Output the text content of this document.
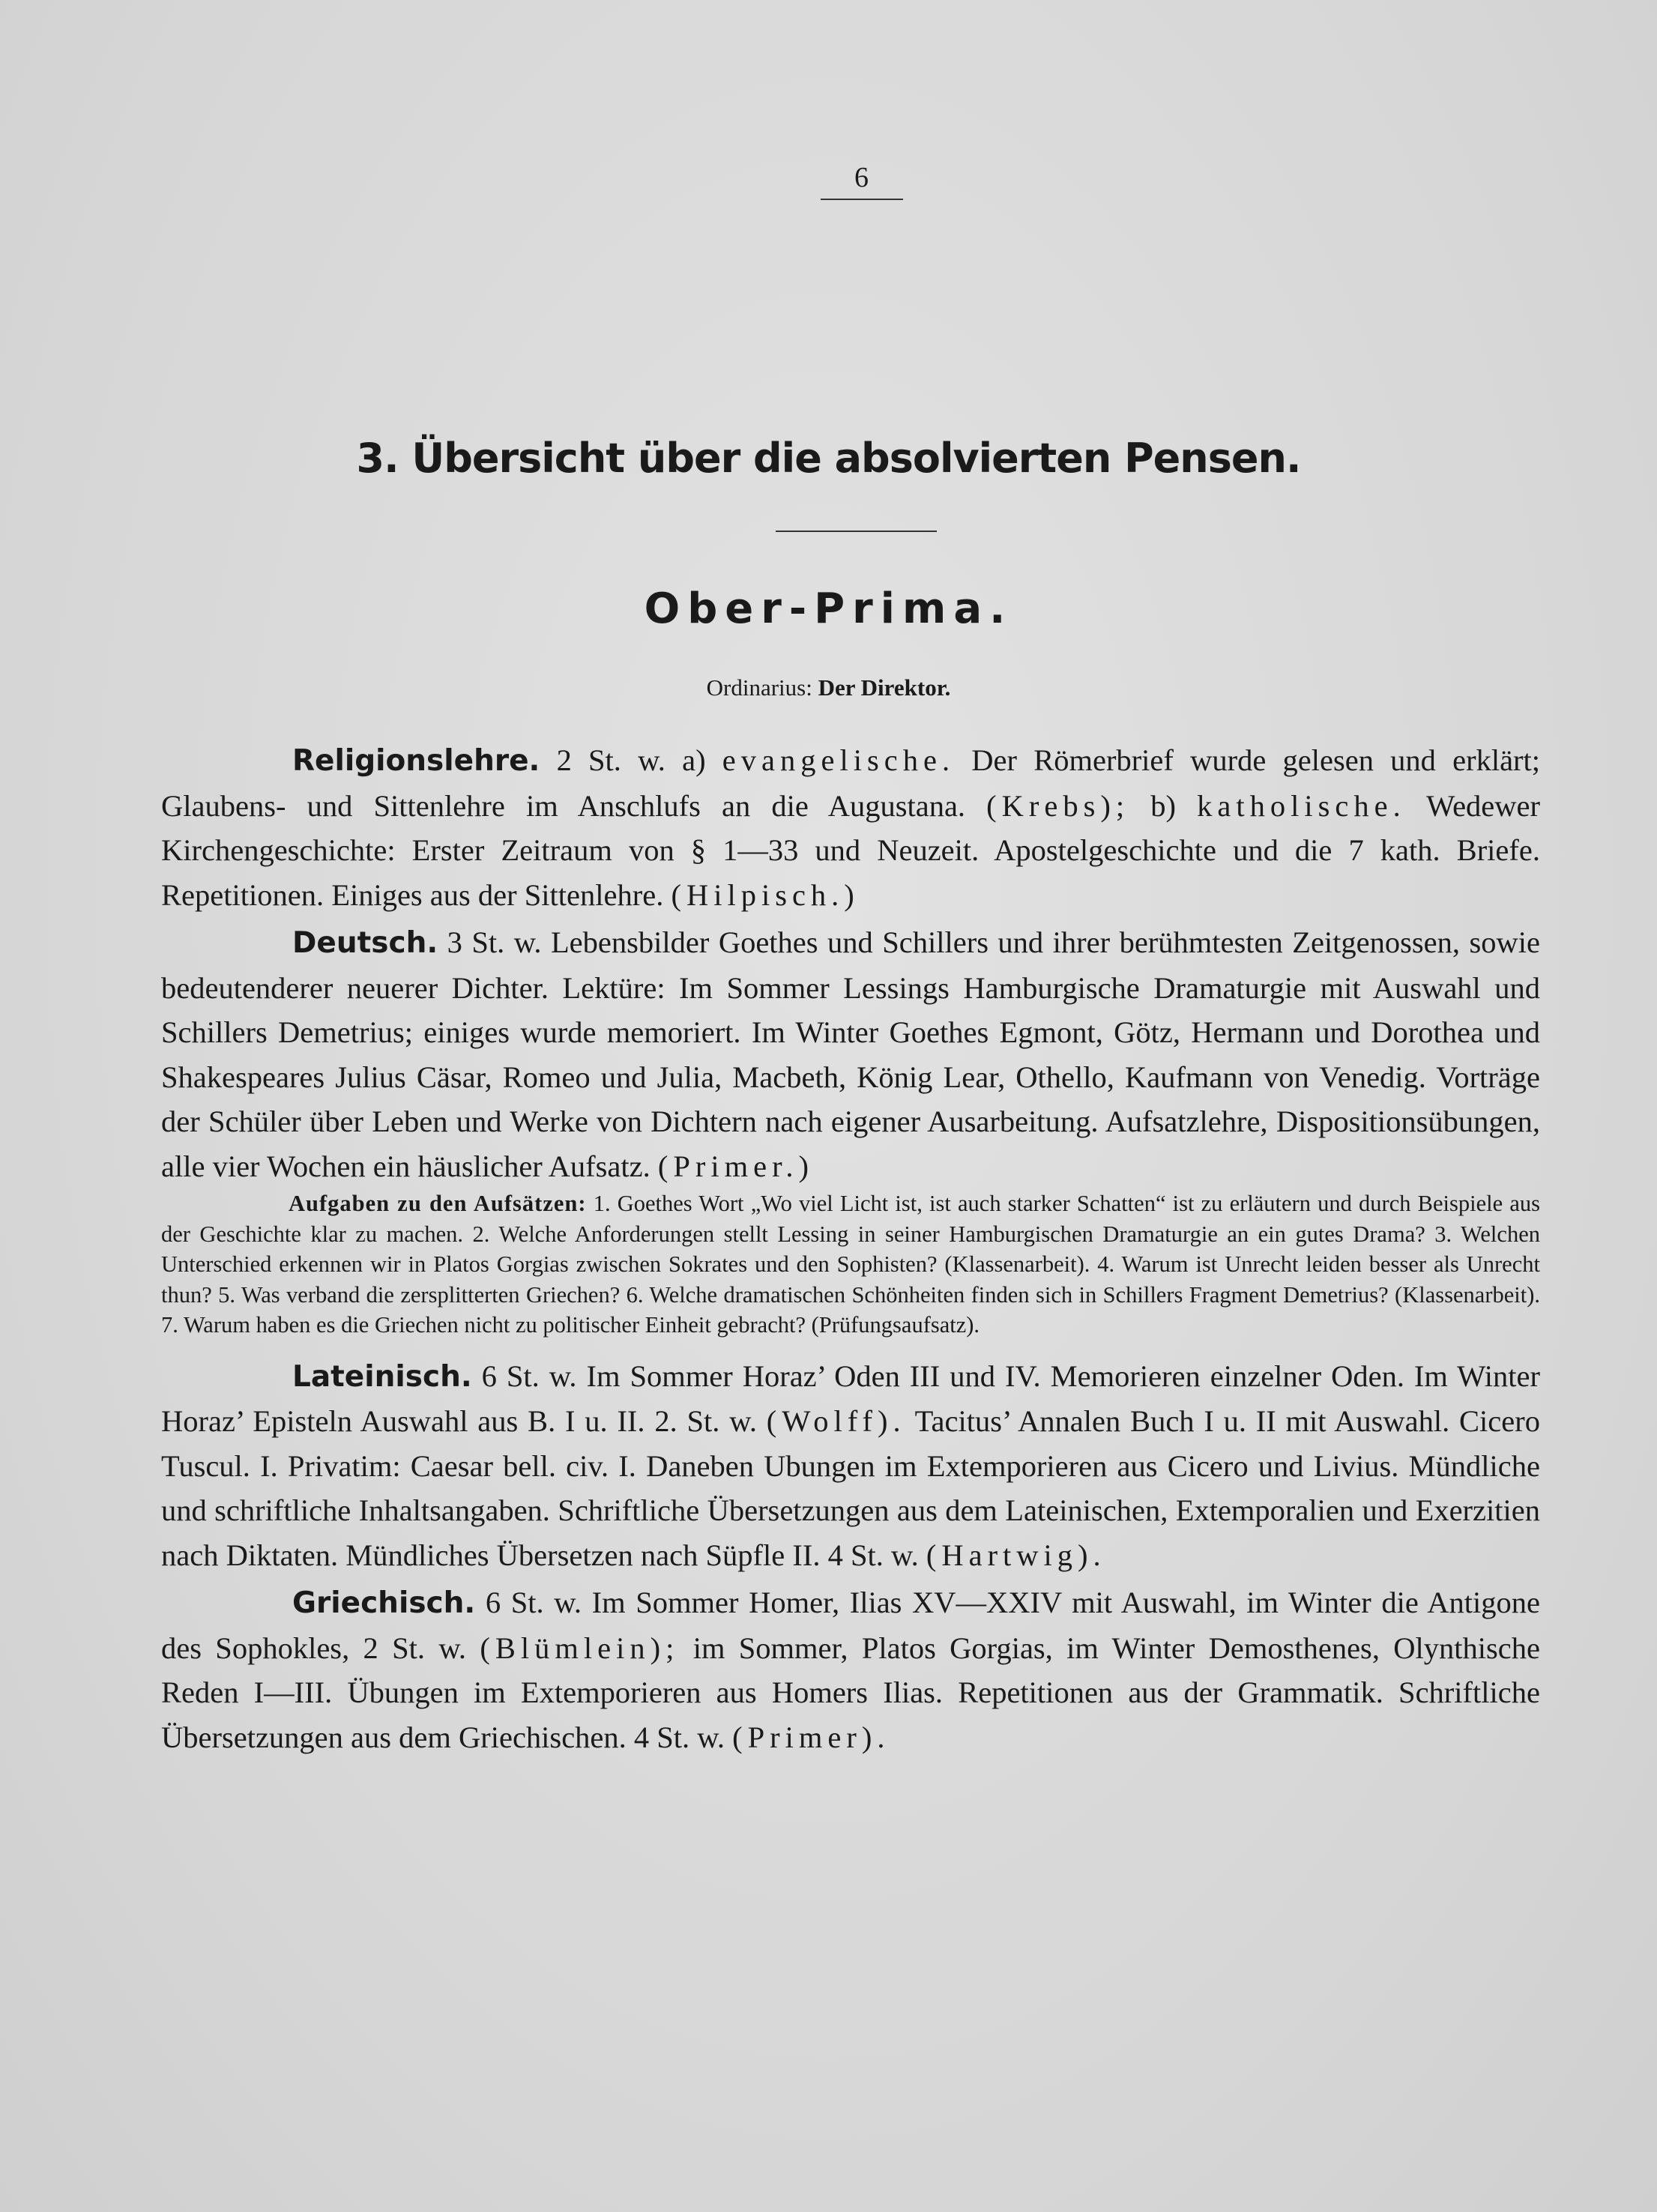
6
3. Übersicht über die absolvierten Pensen.
Ober-Prima.
Ordinarius: Der Direktor.

Religionslehre. 2 St. w. a) evangelische. Der Römerbrief wurde gelesen und erklärt; Glaubens- und Sittenlehre im Anschlufs an die Augustana. (Krebs); b) katholische. Wedewer Kirchengeschichte: Erster Zeitraum von § 1—33 und Neuzeit. Apostelgeschichte und die 7 kath. Briefe. Repetitionen. Einiges aus der Sittenlehre. (Hilpisch.)

Deutsch. 3 St. w. Lebensbilder Goethes und Schillers und ihrer berühmtesten Zeitgenossen, sowie bedeutenderer neuerer Dichter. Lektüre: Im Sommer Lessings Hamburgische Dramaturgie mit Auswahl und Schillers Demetrius; einiges wurde memoriert. Im Winter Goethes Egmont, Götz, Hermann und Dorothea und Shakespeares Julius Cäsar, Romeo und Julia, Macbeth, König Lear, Othello, Kaufmann von Venedig. Vorträge der Schüler über Leben und Werke von Dichtern nach eigener Ausarbeitung. Aufsatzlehre, Dispositionsübungen, alle vier Wochen ein häuslicher Aufsatz. (Primer.)

Aufgaben zu den Aufsätzen: 1. Goethes Wort „Wo viel Licht ist, ist auch starker Schatten“ ist zu erläutern und durch Beispiele aus der Geschichte klar zu machen. 2. Welche Anforderungen stellt Lessing in seiner Hamburgischen Dramaturgie an ein gutes Drama? 3. Welchen Unterschied erkennen wir in Platos Gorgias zwischen Sokrates und den Sophisten? (Klassenarbeit). 4. Warum ist Unrecht leiden besser als Unrecht thun? 5. Was verband die zersplitterten Griechen? 6. Welche dramatischen Schönheiten finden sich in Schillers Fragment Demetrius? (Klassenarbeit). 7. Warum haben es die Griechen nicht zu politischer Einheit gebracht? (Prüfungsaufsatz).

Lateinisch. 6 St. w. Im Sommer Horaz’ Oden III und IV. Memorieren einzelner Oden. Im Winter Horaz’ Episteln Auswahl aus B. I u. II. 2. St. w. (Wolff). Tacitus’ Annalen Buch I u. II mit Auswahl. Cicero Tuscul. I. Privatim: Caesar bell. civ. I. Daneben Ubungen im Extemporieren aus Cicero und Livius. Mündliche und schriftliche Inhaltsangaben. Schriftliche Übersetzungen aus dem Lateinischen, Extemporalien und Exerzitien nach Diktaten. Mündliches Übersetzen nach Süpfle II. 4 St. w. (Hartwig).

Griechisch. 6 St. w. Im Sommer Homer, Ilias XV—XXIV mit Auswahl, im Winter die Antigone des Sophokles, 2 St. w. (Blümlein); im Sommer, Platos Gorgias, im Winter Demosthenes, Olynthische Reden I—III. Übungen im Extemporieren aus Homers Ilias. Repetitionen aus der Grammatik. Schriftliche Übersetzungen aus dem Griechischen. 4 St. w. (Primer).
